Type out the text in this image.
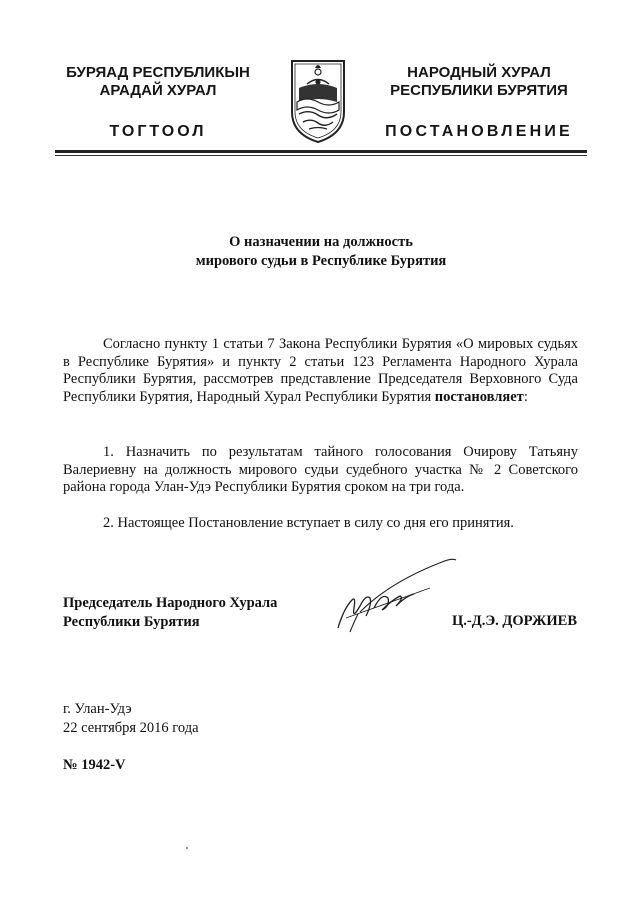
БУРЯАД РЕСПУБЛИКЫН
АРАДАЙ ХУРАЛ
НАРОДНЫЙ ХУРАЛ
РЕСПУБЛИКИ БУРЯТИЯ
ТОГТООЛ	ПОСТАНОВЛЕНИЕ
О назначении на должность
мирового судьи в Республике Бурятия
Согласно пункту 1 статьи 7 Закона Республики Бурятия «О мировых судьях в Республике Бурятия» и пункту 2 статьи 123 Регламента Народного Хурала Республики Бурятия, рассмотрев представление Председателя Верховного Суда Республики Бурятия, Народный Хурал Республики Бурятия постановляет:
1. Назначить по результатам тайного голосования Очирову Татьяну Валериевну на должность мирового судьи судебного участка № 2 Советского района города Улан-Удэ Республики Бурятия сроком на три года.
2. Настоящее Постановление вступает в силу со дня его принятия.
Председатель Народного Хурала
Республики Бурятия	Ц.-Д.Э. ДОРЖИЕВ
г. Улан-Удэ
22 сентября 2016 года
№ 1942-V
